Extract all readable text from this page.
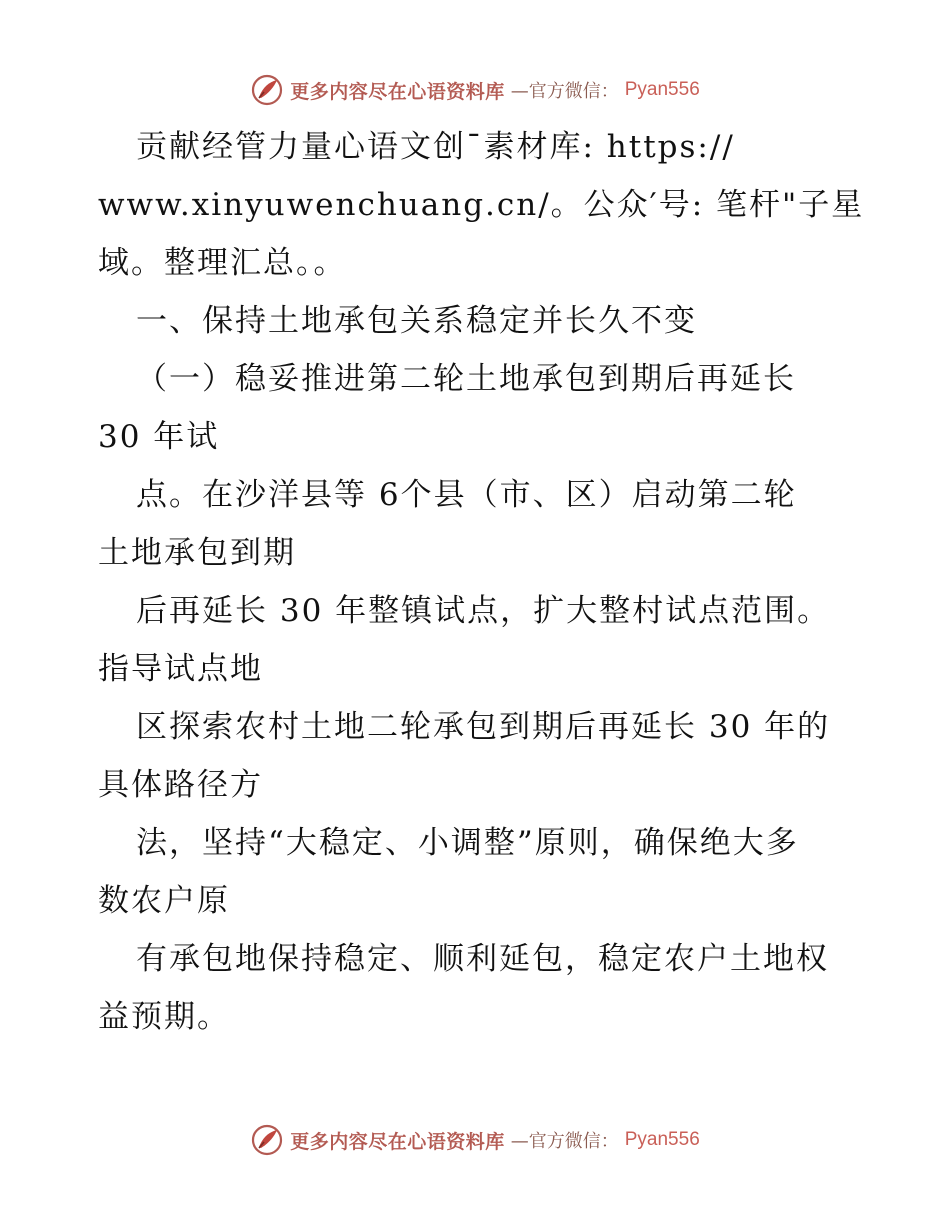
更多内容尽在心语资料库 —官方微信： Pyan556
贡献经管力量心语文创¯素材库: https://
www.xinyuwenchuang.cn/。公众′号: 笔杆"子星
域。整理汇总。。
一、保持土地承包关系稳定并长久不变
（一）稳妥推进第二轮土地承包到期后再延长
30 年试
点。在沙洋县等 6个县（市、区）启动第二轮
土地承包到期
后再延长 30 年整镇试点，扩大整村试点范围。
指导试点地
区探索农村土地二轮承包到期后再延长 30 年的
具体路径方
法，坚持“大稳定、小调整”原则，确保绝大多
数农户原
有承包地保持稳定、顺利延包，稳定农户土地权
益预期。
更多内容尽在心语资料库 —官方微信： Pyan556
